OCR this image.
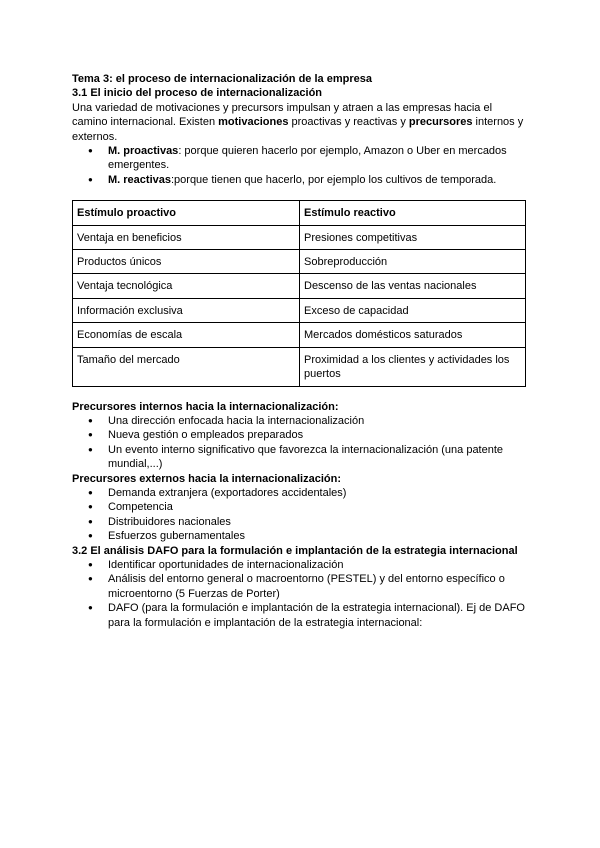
Tema 3: el proceso de internacionalización de la empresa

3.1 El inicio del proceso de internacionalización

Una variedad de motivaciones y precursors impulsan y atraen a las empresas hacia el camino internacional. Existen motivaciones proactivas y reactivas y precursores internos y externos.

● M. proactivas: porque quieren hacerlo por ejemplo, Amazon o Uber en mercados emergentes.
● M. reactivas:porque tienen que hacerlo, por ejemplo los cultivos de temporada.
Estímulo proactivo	Estímulo reactivo
Ventaja en beneficios	Presiones competitivas
Productos únicos	Sobreproducción
Ventaja tecnológica	Descenso de las ventas nacionales
Información exclusiva	Exceso de capacidad
Economías de escala	Mercados domésticos saturados
Tamaño del mercado	Proximidad a los clientes y actividades los puertos

Precursores internos hacia la internacionalización:

● Una dirección enfocada hacia la internacionalización
● Nueva gestión o empleados preparados
● Un evento interno significativo que favorezca la internacionalización (una patente mundial,...)

Precursores externos hacia la internacionalización:

● Demanda extranjera (exportadores accidentales)
● Competencia
● Distribuidores nacionales
● Esfuerzos gubernamentales

3.2 El análisis DAFO para la formulación e implantación de la estrategia internacional

● Identificar oportunidades de internacionalización
● Análisis del entorno general o macroentorno (PESTEL) y del entorno específico o microentorno (5 Fuerzas de Porter)
● DAFO (para la formulación e implantación de la estrategia internacional). Ej de DAFO para la formulación e implantación de la estrategia internacional:
